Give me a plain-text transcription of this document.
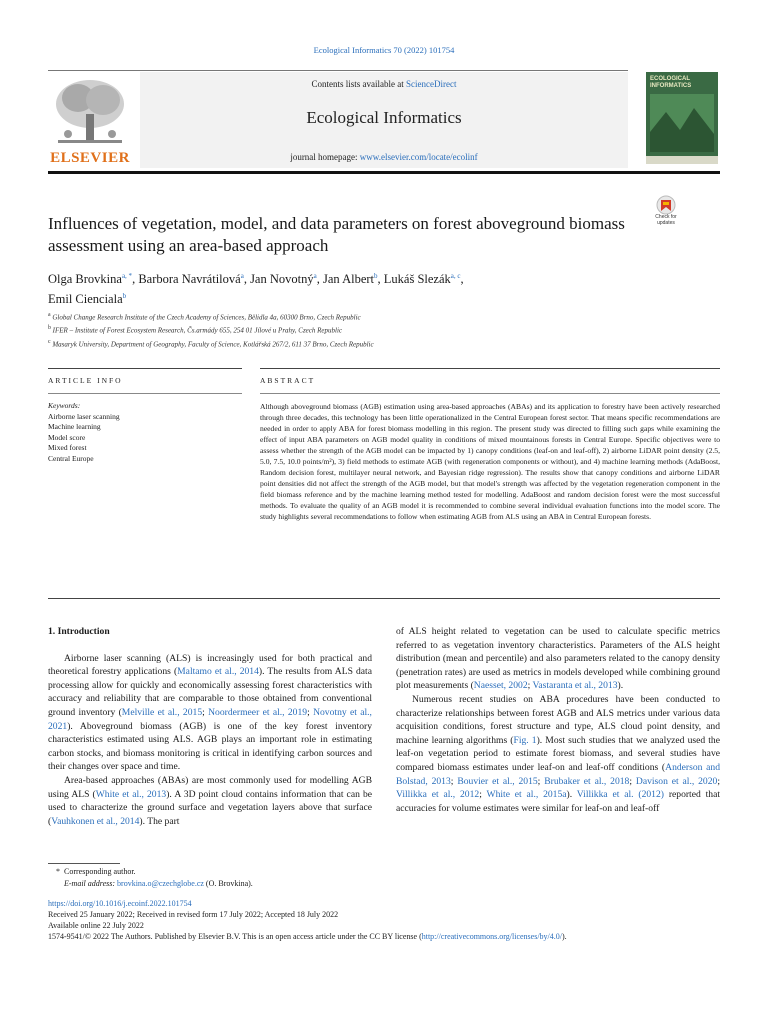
Ecological Informatics 70 (2022) 101754
ELSEVIER
Contents lists available at ScienceDirect
Ecological Informatics
journal homepage: www.elsevier.com/locate/ecolinf
ECOLOGICAL INFORMATICS
Check for updates
Influences of vegetation, model, and data parameters on forest aboveground biomass assessment using an area-based approach
Olga Brovkina$^{a, *}$, Barbora Navrátilová$^a$, Jan Novotný$^a$, Jan Albert$^b$, Lukáš Slezák$^{a, c}$,
Emil Cienciala$^b$
$^a$ Global Change Research Institute of the Czech Academy of Sciences, Bělidla 4a, 60300 Brno, Czech Republic
$^b$ IFER – Institute of Forest Ecosystem Research, Čs.armády 655, 254 01 Jílové u Prahy, Czech Republic
$^c$ Masaryk University, Department of Geography, Faculty of Science, Kotlářská 267/2, 611 37 Brno, Czech Republic
ARTICLE INFO	ABSTRACT
Keywords:
Airborne laser scanning
Machine learning
Model score
Mixed forest
Central Europe
Although aboveground biomass (AGB) estimation using area-based approaches (ABAs) and its application to forestry have been actively researched through three decades, this technology has been little operationalized in the Central European forest sector. That means specific recommendations are needed in order to apply ABA for forest biomass modelling in this region. The present study was directed to filling such gaps while examining the effect of input ABA parameters on AGB model quality in conditions of mixed mountainous forests in Central Europe. Specific objectives were to assess whether the strength of the AGB model can be impacted by 1) canopy conditions (leaf-on and leaf-off), 2) airborne LiDAR point density (2.5, 5.0, 7.5, 10.0 points/m²), 3) field methods to estimate AGB (with regeneration components or without), and 4) machine learning methods (AdaBoost, Random decision forest, multilayer neural network, and Bayesian ridge regression). The results show that canopy conditions and airborne LiDAR point densities did not affect the strength of the AGB model, but that model's strength was affected by the vegetation regeneration component in the field biomass reference and by the machine learning method tested for modelling. AdaBoost and random decision forest were the most successful methods. To evaluate the quality of an AGB model it is recommended to combine several individual evaluation functions into the model score. The study highlights several recommendations to follow when estimating AGB from ALS using an ABA in Central European forests.
1. Introduction

Airborne laser scanning (ALS) is increasingly used for both practical and theoretical forestry applications (Maltamo et al., 2014). The results from ALS data processing allow for quickly and economically assessing forest characteristics with accuracy and reliability that are comparable to those obtained from conventional ground inventory (Melville et al., 2015; Noordermeer et al., 2019; Novotny et al., 2021). Aboveground biomass (AGB) is one of the key forest inventory characteristics estimated using ALS. AGB plays an important role in estimating carbon stocks, and biomass monitoring is critical in identifying carbon sources and their changes over space and time.

Area-based approaches (ABAs) are most commonly used for modelling AGB using ALS (White et al., 2013). A 3D point cloud contains information that can be used to characterize the ground surface and vegetation layers above that surface (Vauhkonen et al., 2014). The part

of ALS height related to vegetation can be used to calculate specific metrics referred to as vegetation inventory characteristics. Parameters of the ALS height distribution (mean and percentile) and also parameters related to the canopy density (penetration rates) are used as metrics in models developed while combining ground plot measurements (Naesset, 2002; Vastaranta et al., 2013).

Numerous recent studies on ABA procedures have been conducted to characterize relationships between forest AGB and ALS metrics under various data acquisition conditions, forest structure and type, ALS cloud point density, and machine learning algorithms (Fig. 1). Most such studies that we analyzed used the leaf-on vegetation period to estimate forest biomass, and several studies have compared biomass estimates under leaf-on and leaf-off conditions (Anderson and Bolstad, 2013; Bouvier et al., 2015; Brubaker et al., 2018; Davison et al., 2020; Villikka et al., 2012; White et al., 2015a). Villikka et al. (2012) reported that accuracies for volume estimates were similar for leaf-on and leaf-off

* Corresponding author.
E-mail address: brovkina.o@czechglobe.cz (O. Brovkina).
https://doi.org/10.1016/j.ecoinf.2022.101754
Received 25 January 2022; Received in revised form 17 July 2022; Accepted 18 July 2022
Available online 22 July 2022
1574-9541/© 2022 The Authors. Published by Elsevier B.V. This is an open access article under the CC BY license (http://creativecommons.org/licenses/by/4.0/).
